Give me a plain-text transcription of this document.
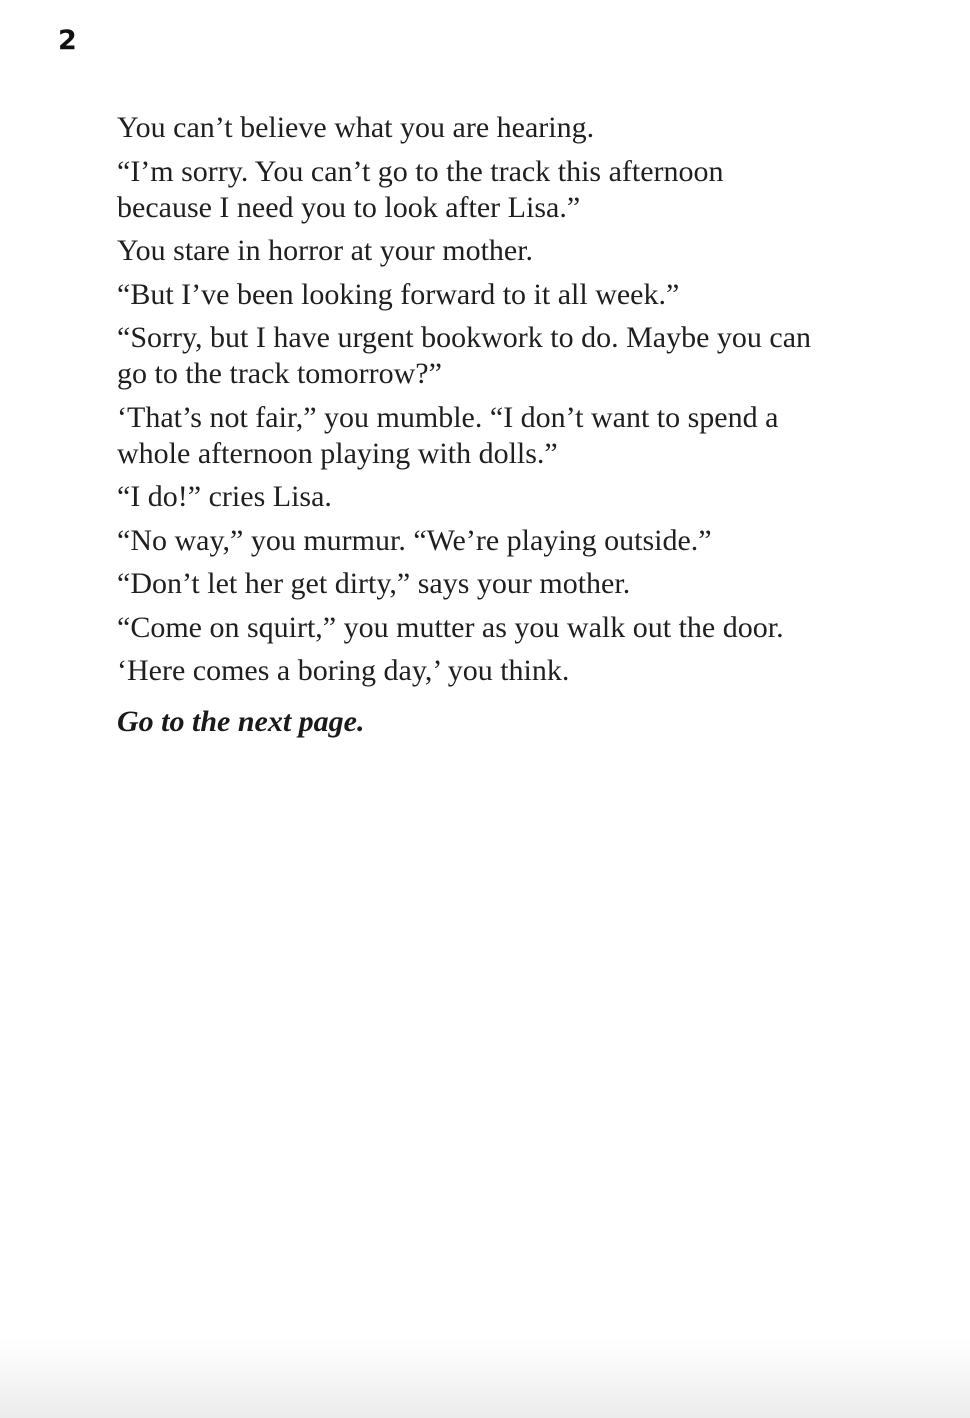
2

You can’t believe what you are hearing.

“I’m sorry. You can’t go to the track this afternoon because I need you to look after Lisa.”

You stare in horror at your mother.

“But I’ve been looking forward to it all week.”

“Sorry, but I have urgent bookwork to do. Maybe you can go to the track tomorrow?”

‘That’s not fair,” you mumble. “I don’t want to spend a whole afternoon playing with dolls.”

“I do!” cries Lisa.

“No way,” you murmur. “We’re playing outside.”

“Don’t let her get dirty,” says your mother.

“Come on squirt,” you mutter as you walk out the door.

‘Here comes a boring day,’ you think.

Go to the next page.
